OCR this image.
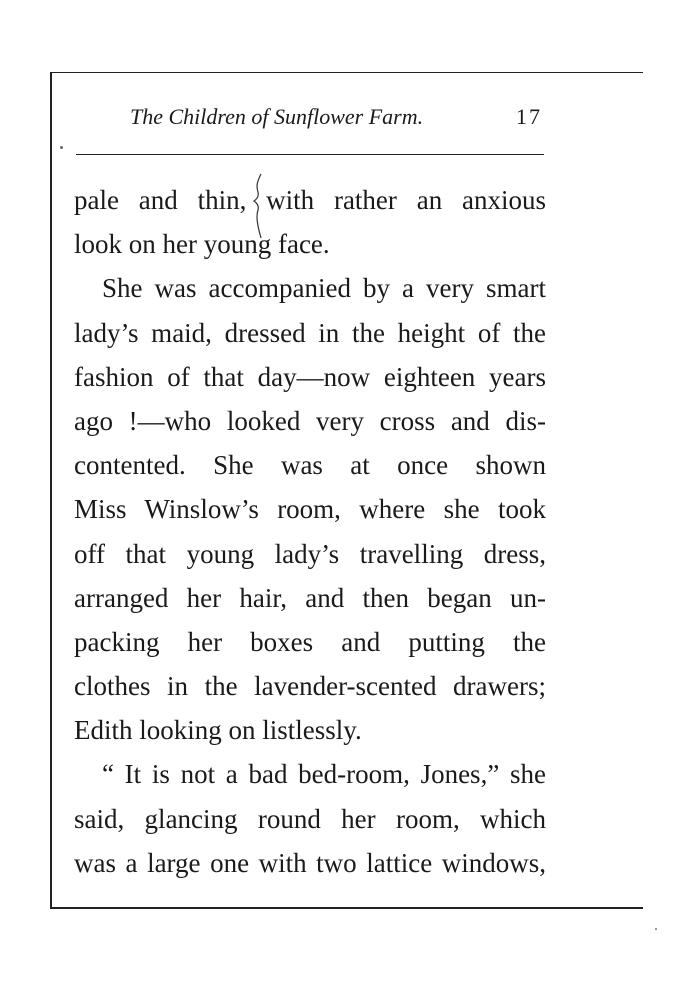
The Children of Sunflower Farm.	17
pale and thin, with rather an anxious
look on her young face.
She was accompanied by a very smart
lady’s maid, dressed in the height of the
fashion of that day—now eighteen years
ago !—who looked very cross and dis-
contented. She was at once shown
Miss Winslow’s room, where she took
off that young lady’s travelling dress,
arranged her hair, and then began un-
packing her boxes and putting the
clothes in the lavender-scented drawers;
Edith looking on listlessly.
“ It is not a bad bed-room, Jones,” she
said, glancing round her room, which
was a large one with two lattice windows,
